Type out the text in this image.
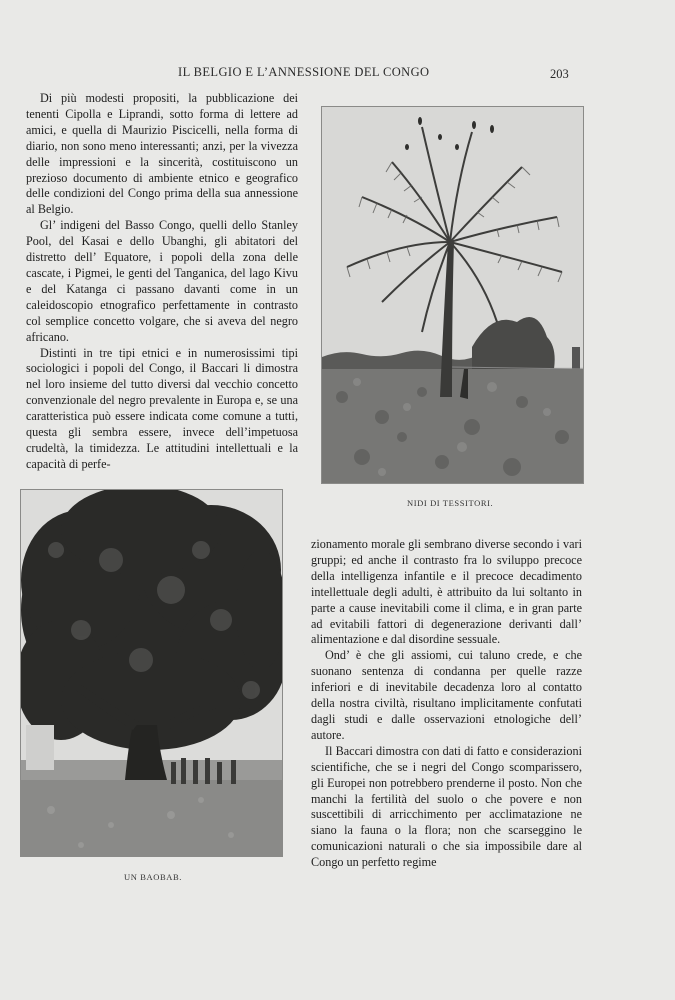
IL BELGIO E L’ANNESSIONE DEL CONGO	203

Di più modesti propositi, la pubblicazione dei tenenti Cipolla e Liprandi, sotto forma di lettere ad amici, e quella di Maurizio Piscicelli, nella forma di diario, non sono meno interessanti; anzi, per la vivezza delle impressioni e la sincerità, costituiscono un prezioso documento di ambiente etnico e geografico delle condizioni del Congo prima della sua annessione al Belgio.

Gl’ indigeni del Basso Congo, quelli dello Stanley Pool, del Kasai e dello Ubanghi, gli abitatori del distretto dell’ Equatore, i popoli della zona delle cascate, i Pigmei, le genti del Tanganica, del lago Kivu e del Katanga ci passano davanti come in un caleidoscopio etnografico perfettamente in contrasto col semplice concetto volgare, che si aveva del negro africano.

Distinti in tre tipi etnici e in numerosissimi tipi sociologici i popoli del Congo, il Baccari li dimostra nel loro insieme del tutto diversi dal vecchio concetto convenzionale del negro prevalente in Europa e, se una caratteristica può essere indicata come comune a tutti, questa gli sembra essere, invece dell’impetuosa crudeltà, la timidezza. Le attitudini intellettuali e la capacità di perfe-

NIDI DI TESSITORI.
UN BAOBAB.

zionamento morale gli sembrano diverse secondo i vari gruppi; ed anche il contrasto fra lo sviluppo precoce della intelligenza infantile e il precoce decadimento intellettuale degli adulti, è attribuito da lui soltanto in parte a cause inevitabili come il clima, e in gran parte ad evitabili fattori di degenerazione derivanti dall’ alimentazione e dal disordine sessuale.

Ond’ è che gli assiomi, cui taluno crede, e che suonano sentenza di condanna per quelle razze inferiori e di inevitabile decadenza loro al contatto della nostra civiltà, risultano implicitamente confutati dagli studi e dalle osservazioni etnologiche dell’ autore.

Il Baccari dimostra con dati di fatto e considerazioni scientifiche, che se i negri del Congo scomparissero, gli Europei non potrebbero prenderne il posto. Non che manchi la fertilità del suolo o che povere e non suscettibili di arricchimento per acclimatazione ne siano la fauna o la flora; non che scarseggino le comunicazioni naturali o che sia impossibile dare al Congo un perfetto regime
